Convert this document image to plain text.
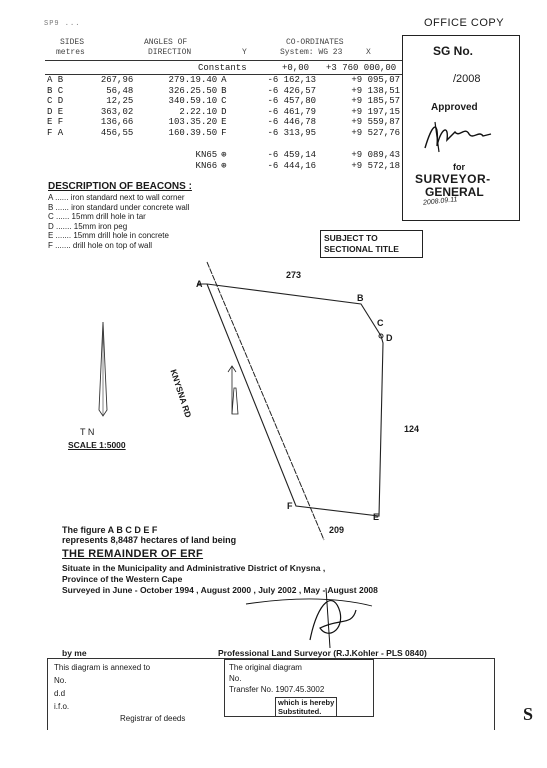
SP9 ...	OFFICE COPY
SG No.
/2008
Approved
for
SURVEYOR-
GENERAL
2008.09.11
SIDES
metres
ANGLES OF
DIRECTION
CO-ORDINATES
System: WG 23
Y	X
Constants	+0,00 +3 760 000,00
A B	267,96	279.19.40	A	-6 162,13	+9 095,07
B C	56,48	326.25.50	B	-6 426,57	+9 138,51
C D	12,25	340.59.10	C	-6 457,80	+9 185,57
D E	363,02	2.22.10	D	-6 461,79	+9 197,15
E F	136,66	103.35.20	E	-6 446,78	+9 559,87
F A	456,55	160.39.50	F	-6 313,95	+9 527,76

		KN65	⊕	-6 459,14	+9 089,43
		KN66	⊕	-6 444,16	+9 572,18
DESCRIPTION OF BEACONS :
A ...... iron standard next to wall corner
B ...... iron standard under concrete wall
C ...... 15mm drill hole in tar
D ....... 15mm iron peg
E ....... 15mm drill hole in concrete
F ....... drill hole on top of wall
SUBJECT TO
SECTIONAL TITLE
A
B
C
D
E
F
273
124
209
KNYSNA RD
T N
SCALE 1:5000
The figure A B C D E F
represents 8,8487 hectares of land being
THE REMAINDER OF ERF
Situate in the Municipality and Administrative District of Knysna ,
Province of the Western Cape
Surveyed in June - October 1994 , August 2000 , July 2002 , May - August 2008
by me	Professional Land Surveyor (R.J.Kohler - PLS 0840)
This diagram is annexed to
No.
d.d
i.f.o.
Registrar of deeds
The original diagram
No.
Transfer No. 1907.45.3002
which is hereby
Substituted.	S
